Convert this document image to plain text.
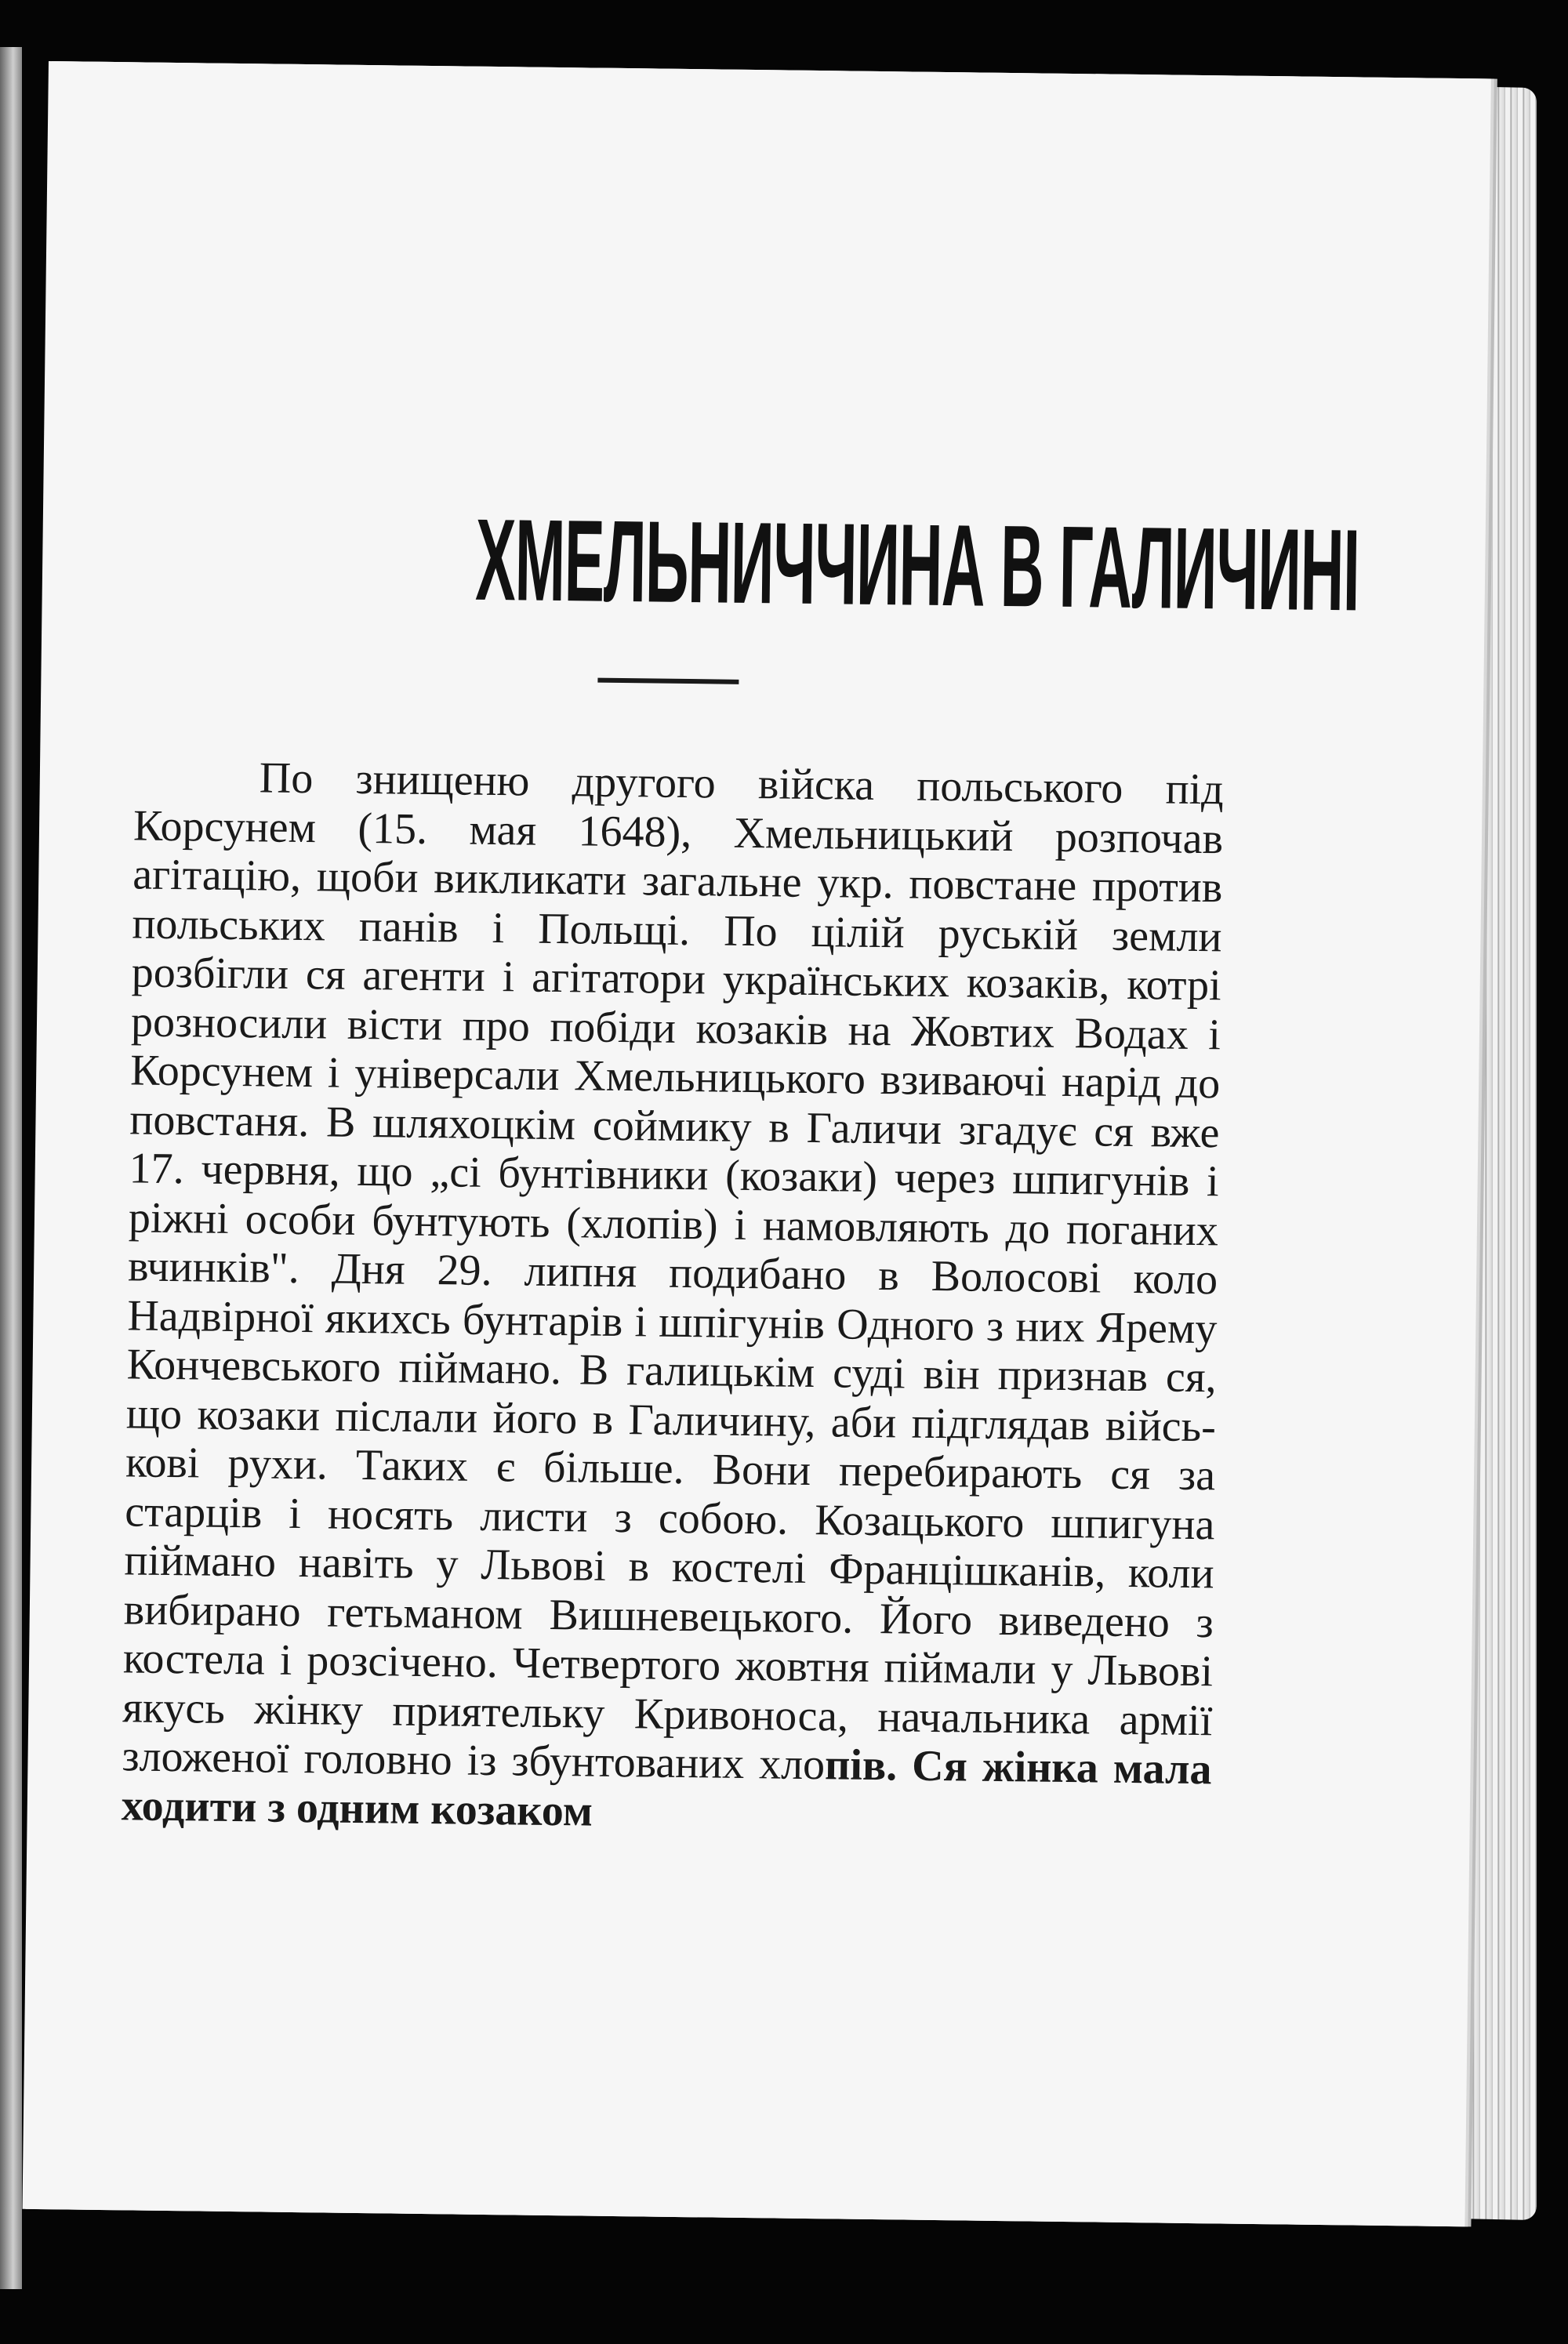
ХМЕЛЬНИЧЧИНА В ГАЛИЧИНІ

По знищеню другого війска польського під Корсунем (15. мая 1648), Хмельницький розпочав агітацію, щоби викликати загальне укр. повстане против польських панів і Польщі. По цілій руській земли розбігли ся агенти і агітатори українських козаків, котрі розносили вісти про побіди козаків на Жовтих Водах і Корсунем і універсали Хмельницького взиваючі нарід до повстаня. В шляхоцкім соймику в Галичи згадує ся вже 17. червня, що „сі бунтівники (козаки) через шпигунів і ріжні особи бунтують (хлопів) і намовляють до поганих вчинків". Дня 29. липня подибано в Волосові коло Надвірної якихсь бунтарів і шпігунів Одного з них Ярему Кончевського піймано. В галицькім суді він признав ся, що козаки післали його в Галичину, аби підглядав військові рухи. Таких є більше. Вони перебирають ся за старців і носять листи з собою. Козацького шпигуна піймано навіть у Львові в костелі Францішканів, коли вибирано гетьманом Вишневецького. Його виведено з костела і розсічено. Четвертого жовтня піймали у Львові якусь жінку приятельку Кривоноса, начальника армії зложеної головно із збунтованих хлопів. Ся жінка мала ходити з одним козаком
